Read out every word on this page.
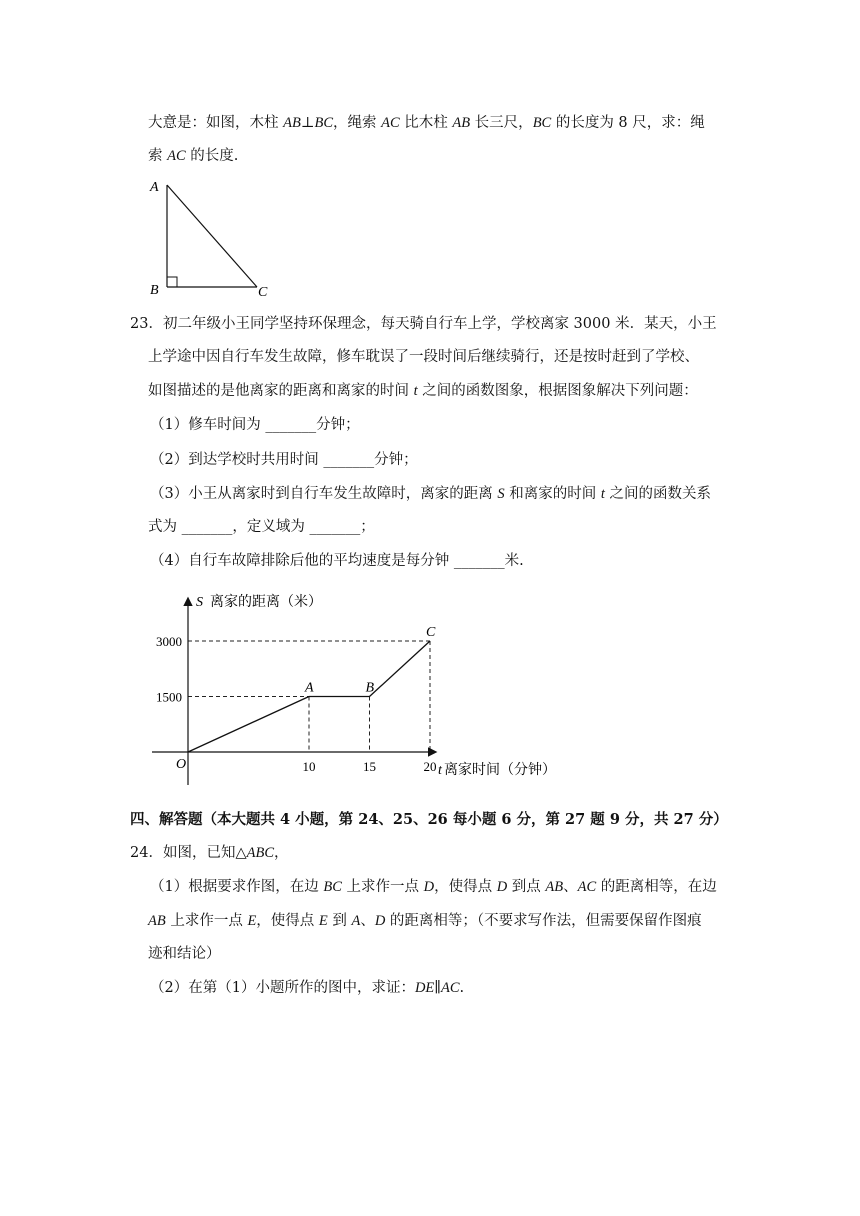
大意是：如图，木柱 AB⊥BC，绳索 AC 比木柱 AB 长三尺，BC 的长度为 8 尺，求：绳
索 AC 的长度.
A
B	C
23．初二年级小王同学坚持环保理念，每天骑自行车上学，学校离家 3000 米．某天，小王
上学途中因自行车发生故障，修车耽误了一段时间后继续骑行，还是按时赶到了学校、
如图描述的是他离家的距离和离家的时间 t 之间的函数图象，根据图象解决下列问题：
（1）修车时间为 _______分钟；
（2）到达学校时共用时间 _______分钟；
（3）小王从离家时到自行车发生故障时，离家的距离 S 和离家的时间 t 之间的函数关系
式为 _______，定义域为 _______；
（4）自行车故障排除后他的平均速度是每分钟 _______米.
10	15	20
1500
3000
A	B
C
S 离家的距离（米）
t 离家时间（分钟）
O
四、解答题（本大题共 4 小题，第 24、25、26 每小题 6 分，第 27 题 9 分，共 27 分）
24．如图，已知△ABC，
（1）根据要求作图，在边 BC 上求作一点 D，使得点 D 到点 AB、AC 的距离相等，在边
AB 上求作一点 E，使得点 E 到 A、D 的距离相等；（不要求写作法，但需要保留作图痕
迹和结论）
（2）在第（1）小题所作的图中，求证：DE∥AC.
